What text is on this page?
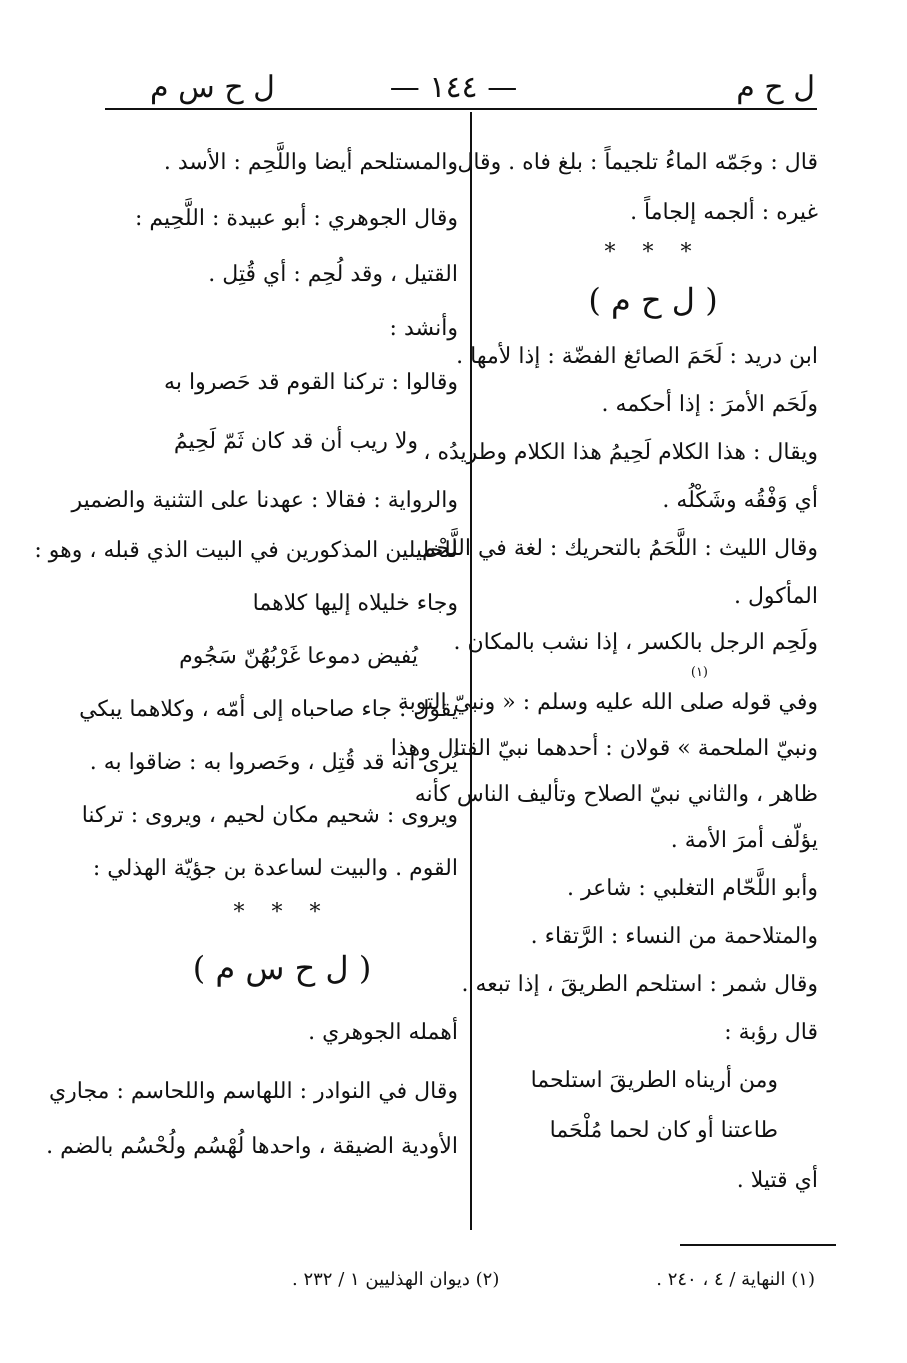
ل ح م
— ١٤٤ —
ل ح س م
قال : وجَمّه الماءُ تلجيماً : بلغ فاه . وقال
غيره : ألجمه إلجاماً .
* * *
( ل ح م )
ابن دريد : لَحَمَ الصائغ الفضّة : إذا لأمها .
ولَحَم الأمرَ : إذا أحكمه .
ويقال : هذا الكلام لَحِيمُ هذا الكلام وطريدُه ،
أي وَفْقُه وشَكْلُه .
وقال الليث : اللَّحَمُ بالتحريك : لغة في اللَّحْم
المأكول .
ولَحِم الرجل بالكسر ، إذا نشب بالمكان .
(١)
وفي قوله صلى الله عليه وسلم : « ونبيّ التوبة
ونبيّ الملحمة » قولان : أحدهما نبيّ القتال وهذا
ظاهر ، والثاني نبيّ الصلاح وتأليف الناس كأنه
يؤلّف أمرَ الأمة .
وأبو اللَّحّام التغلبي : شاعر .
والمتلاحمة من النساء : الرَّتقاء .
وقال شمر : استلحم الطريقَ ، إذا تبعه .
قال رؤبة :
ومن أريناه الطريقَ استلحما
طاعتنا أو كان لحما مُلْحَما
أي قتيلا .
والمستلحم أيضا واللَّحِم : الأسد .
وقال الجوهري : أبو عبيدة : اللَّحِيم :
القتيل ، وقد لُحِم : أي قُتِل .
وأنشد :
وقالوا : تركنا القوم قد حَصروا به
ولا ريب أن قد كان ثَمّ لَحِيمُ
والرواية : فقالا : عهدنا على التثنية والضمير
للخليلين المذكورين في البيت الذي قبله ، وهو :
وجاء خليلاه إليها كلاهما
يُفيض دموعا غَرْبُهُنّ سَجُوم
يقول : جاء صاحباه إلى أمّه ، وكلاهما يبكي
يُرى أنه قد قُتِل ، وحَصروا به : ضاقوا به .
ويروى : شحيم مكان لحيم ، ويروى : تركنا
القوم . والبيت لساعدة بن جؤيّة الهذلي :
* * *
( ل ح س م )
أهمله الجوهري .
وقال في النوادر : اللهاسم واللحاسم : مجاري
الأودية الضيقة ، واحدها لُهْسُم ولُحْسُم بالضم .
(١) النهاية / ٤ ، ٢٤٠ .
(٢) ديوان الهذليين ١ / ٢٣٢ .
